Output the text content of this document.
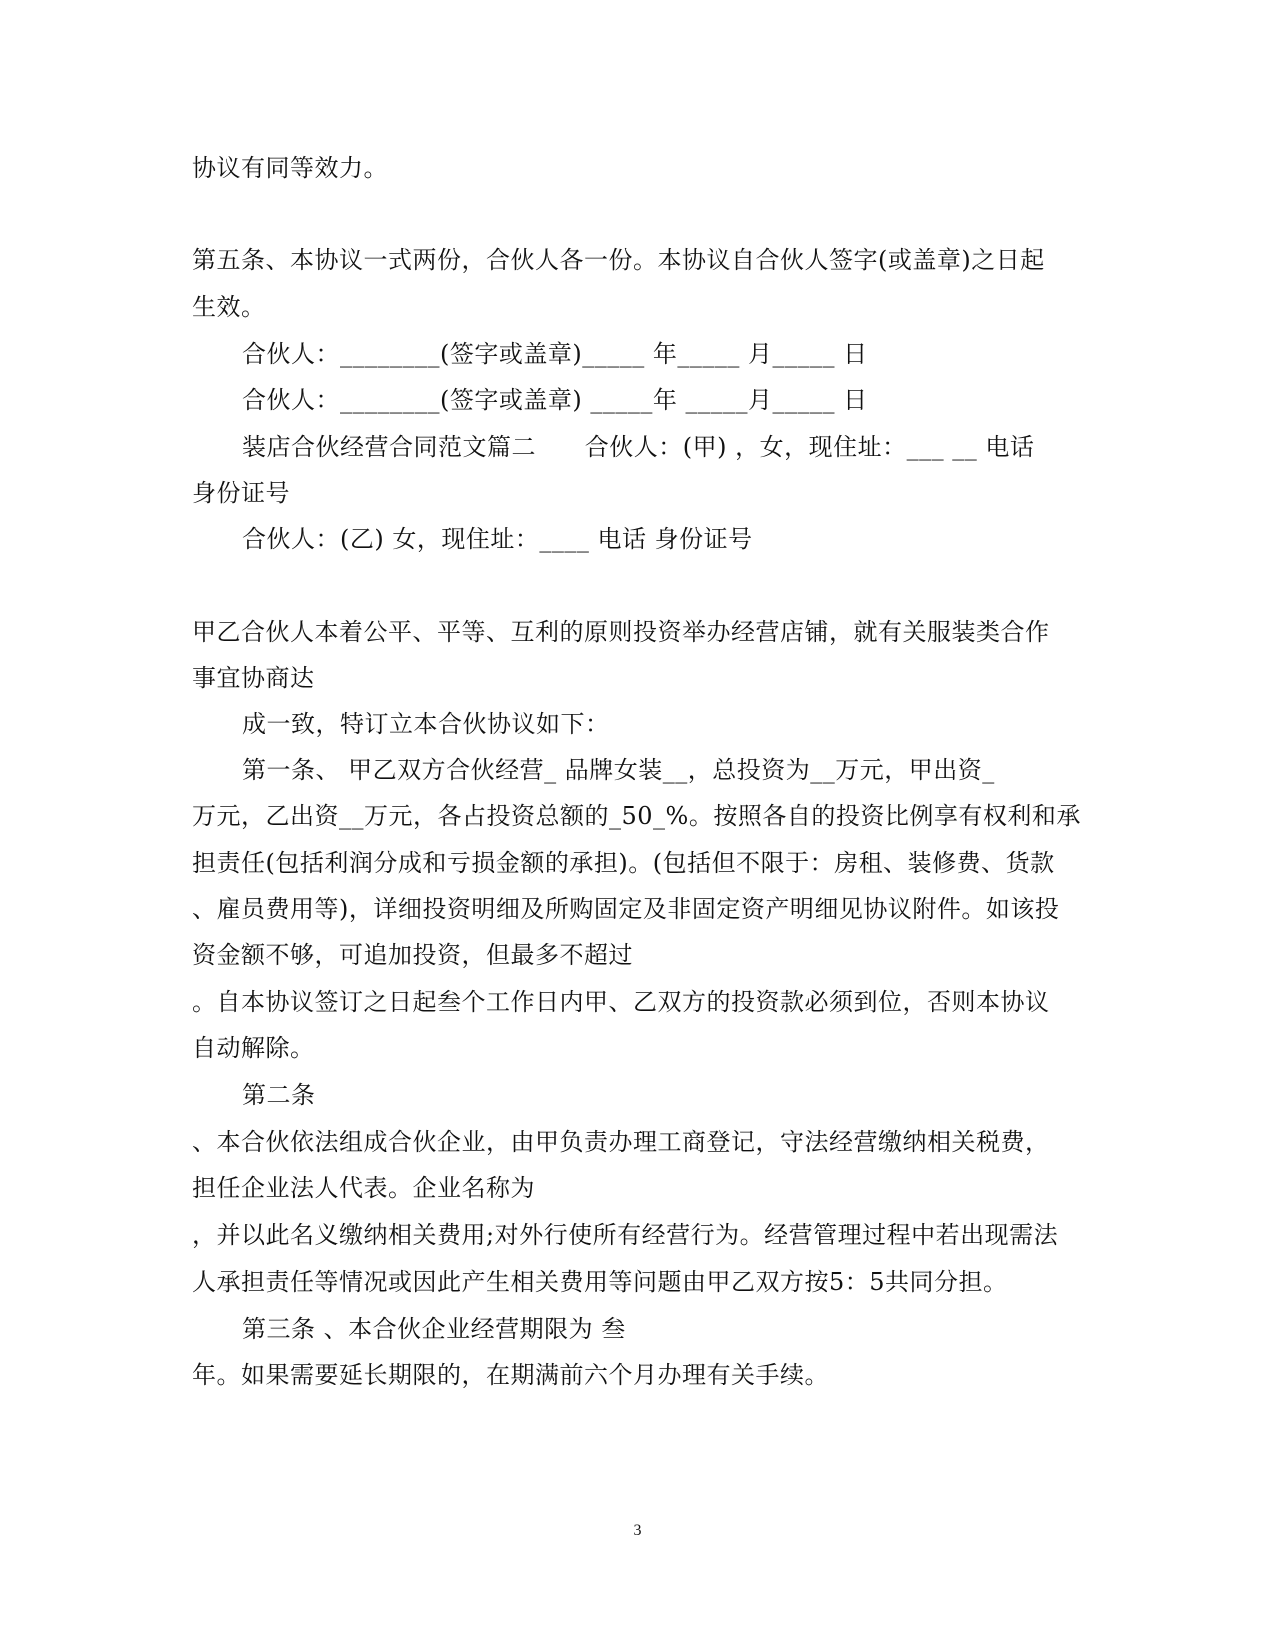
协议有同等效力。
第五条、本协议一式两份，合伙人各一份。本协议自合伙人签字(或盖章)之日起
生效。
合伙人：________(签字或盖章)_____ 年_____ 月_____ 日
合伙人：________(签字或盖章) _____年 _____月_____ 日
装店合伙经营合同范文篇二      合伙人：(甲) ，女，现住址：___ __ 电话
身份证号
合伙人：(乙) 女，现住址：____ 电话 身份证号
甲乙合伙人本着公平、平等、互利的原则投资举办经营店铺，就有关服装类合作
事宜协商达
成一致，特订立本合伙协议如下：
第一条、 甲乙双方合伙经营_ 品牌女装__，总投资为__万元，甲出资_
万元，乙出资__万元，各占投资总额的_50_%。按照各自的投资比例享有权利和承
担责任(包括利润分成和亏损金额的承担)。(包括但不限于：房租、装修费、货款
、雇员费用等)，详细投资明细及所购固定及非固定资产明细见协议附件。如该投
资金额不够，可追加投资，但最多不超过
。自本协议签订之日起叁个工作日内甲、乙双方的投资款必须到位，否则本协议
自动解除。
第二条
、本合伙依法组成合伙企业，由甲负责办理工商登记，守法经营缴纳相关税费，
担任企业法人代表。企业名称为
，并以此名义缴纳相关费用;对外行使所有经营行为。经营管理过程中若出现需法
人承担责任等情况或因此产生相关费用等问题由甲乙双方按5：5共同分担。
第三条 、本合伙企业经营期限为 叁
年。如果需要延长期限的，在期满前六个月办理有关手续。
3
